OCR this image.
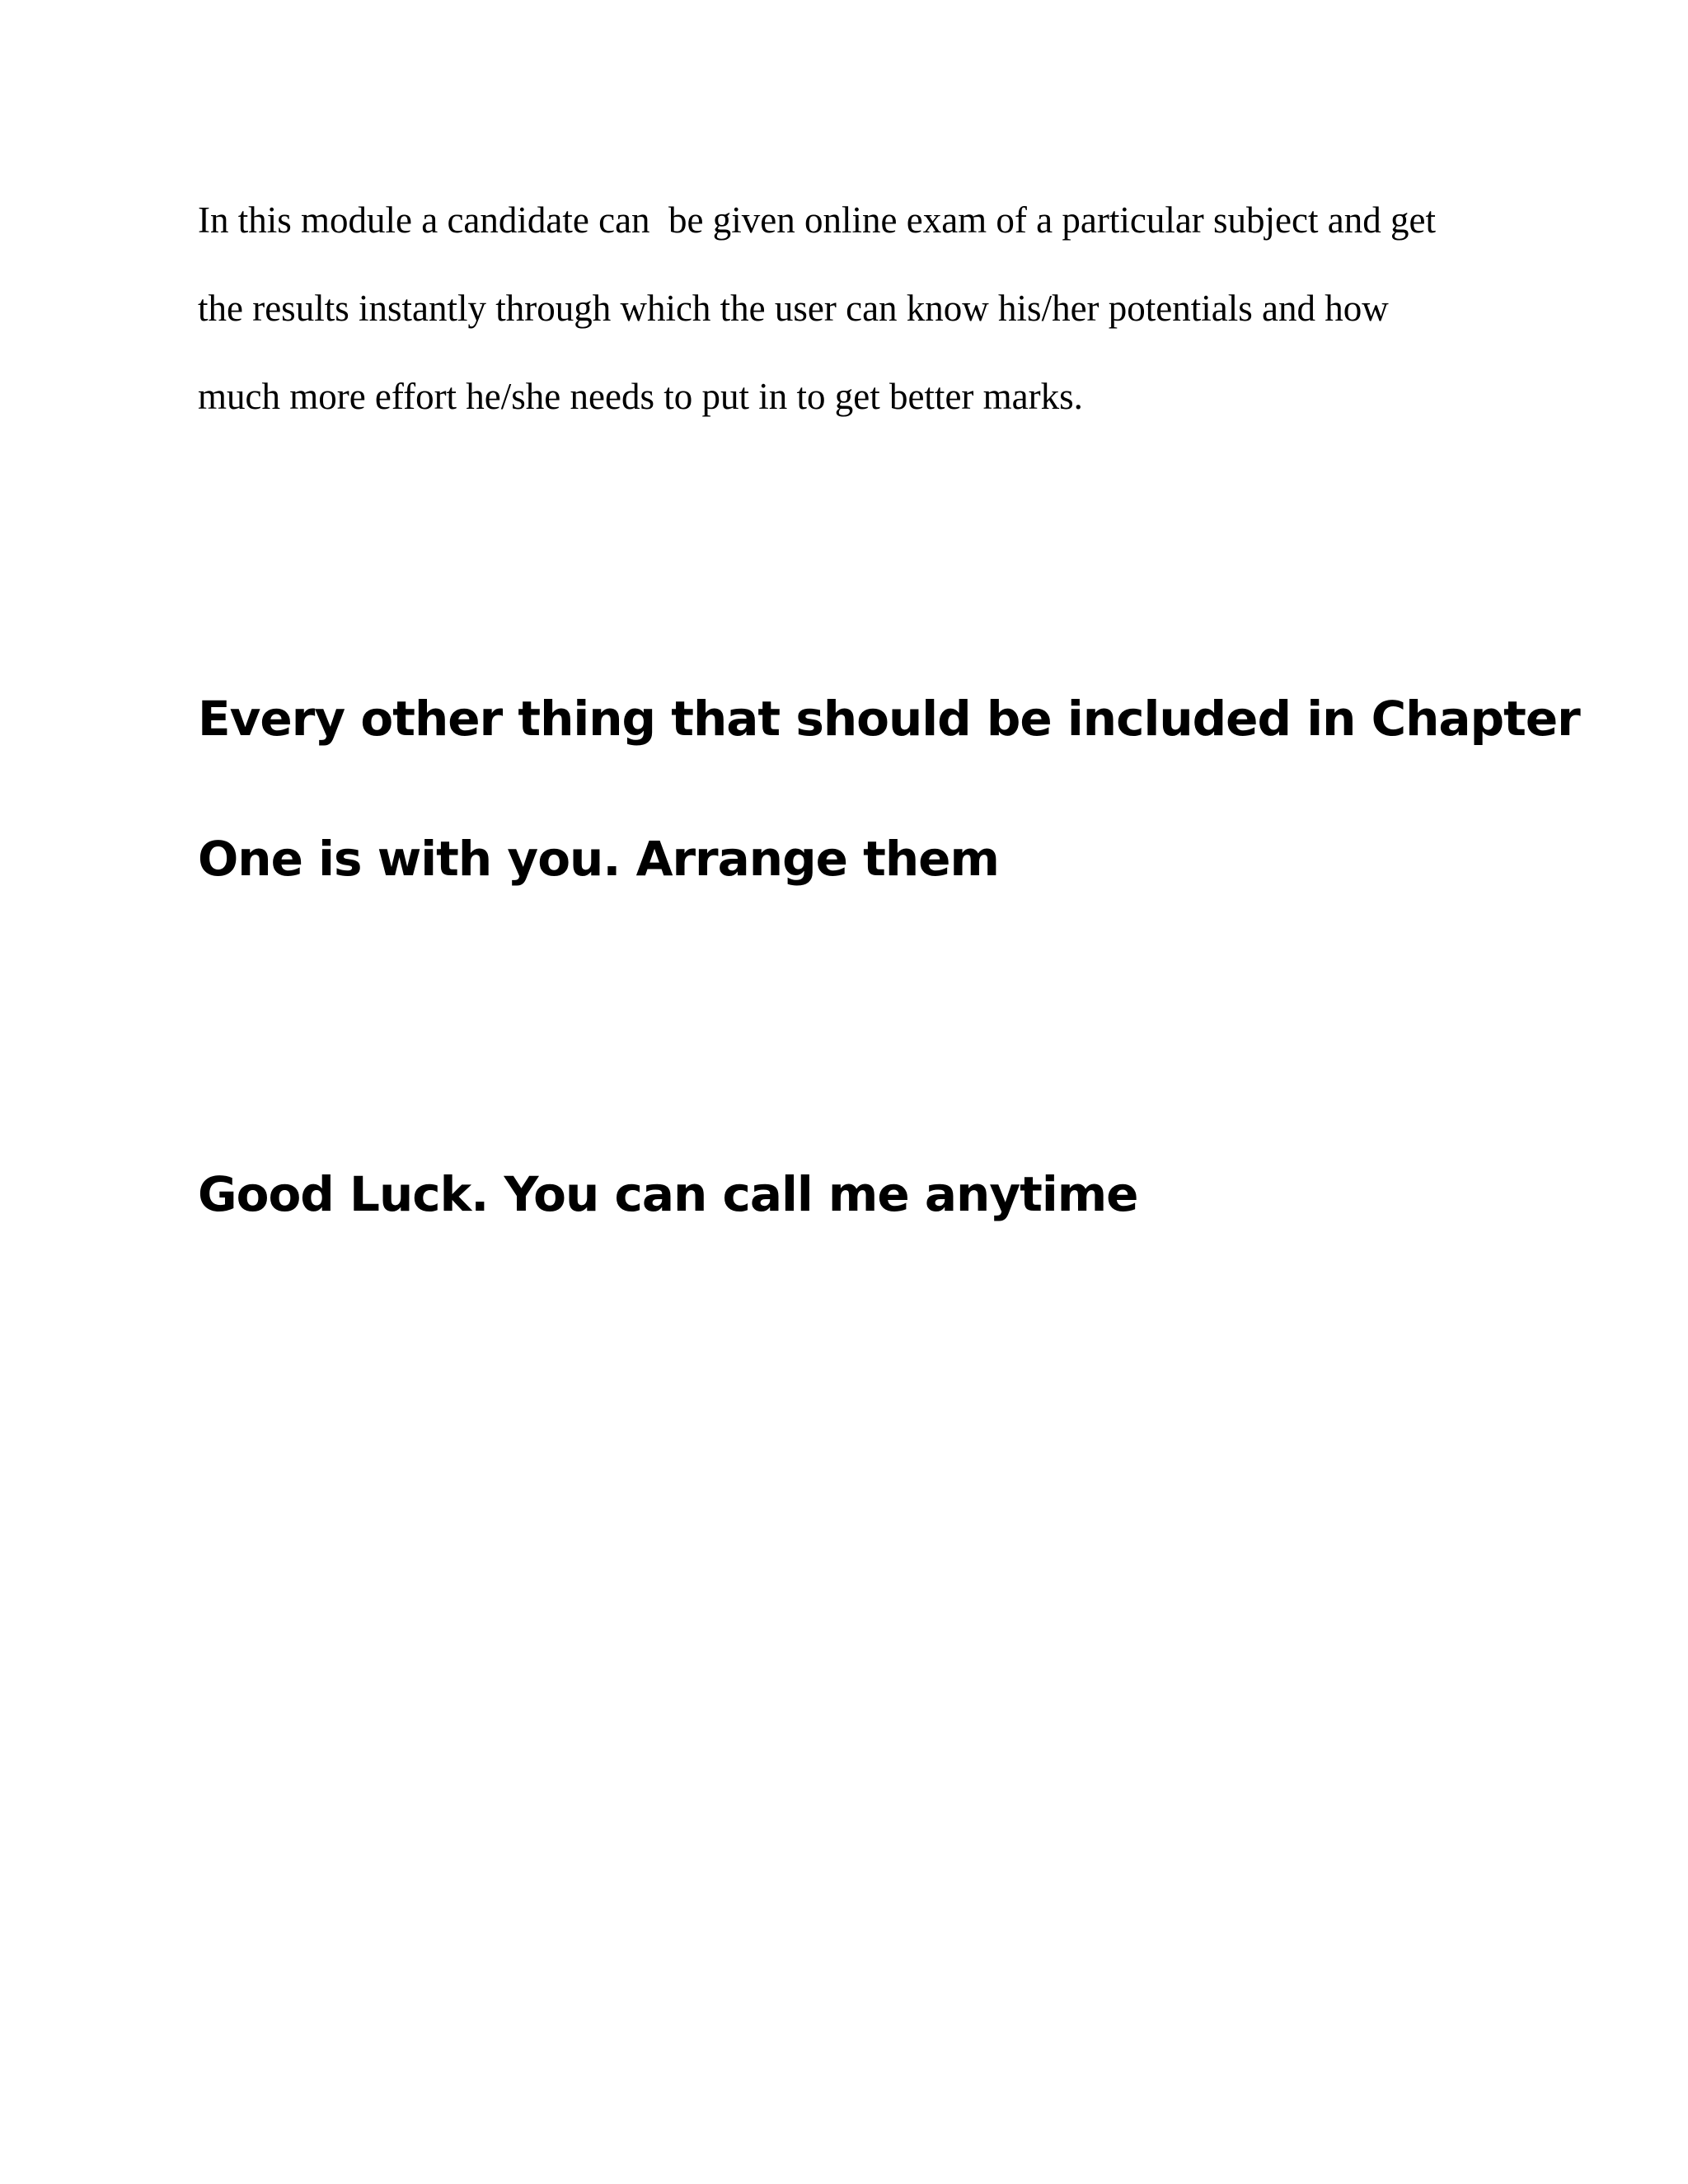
In this module a candidate can  be given online exam of a particular subject and get
the results instantly through which the user can know his/her potentials and how
much more effort he/she needs to put in to get better marks.
Every other thing that should be included in Chapter
One is with you. Arrange them
Good Luck. You can call me anytime
